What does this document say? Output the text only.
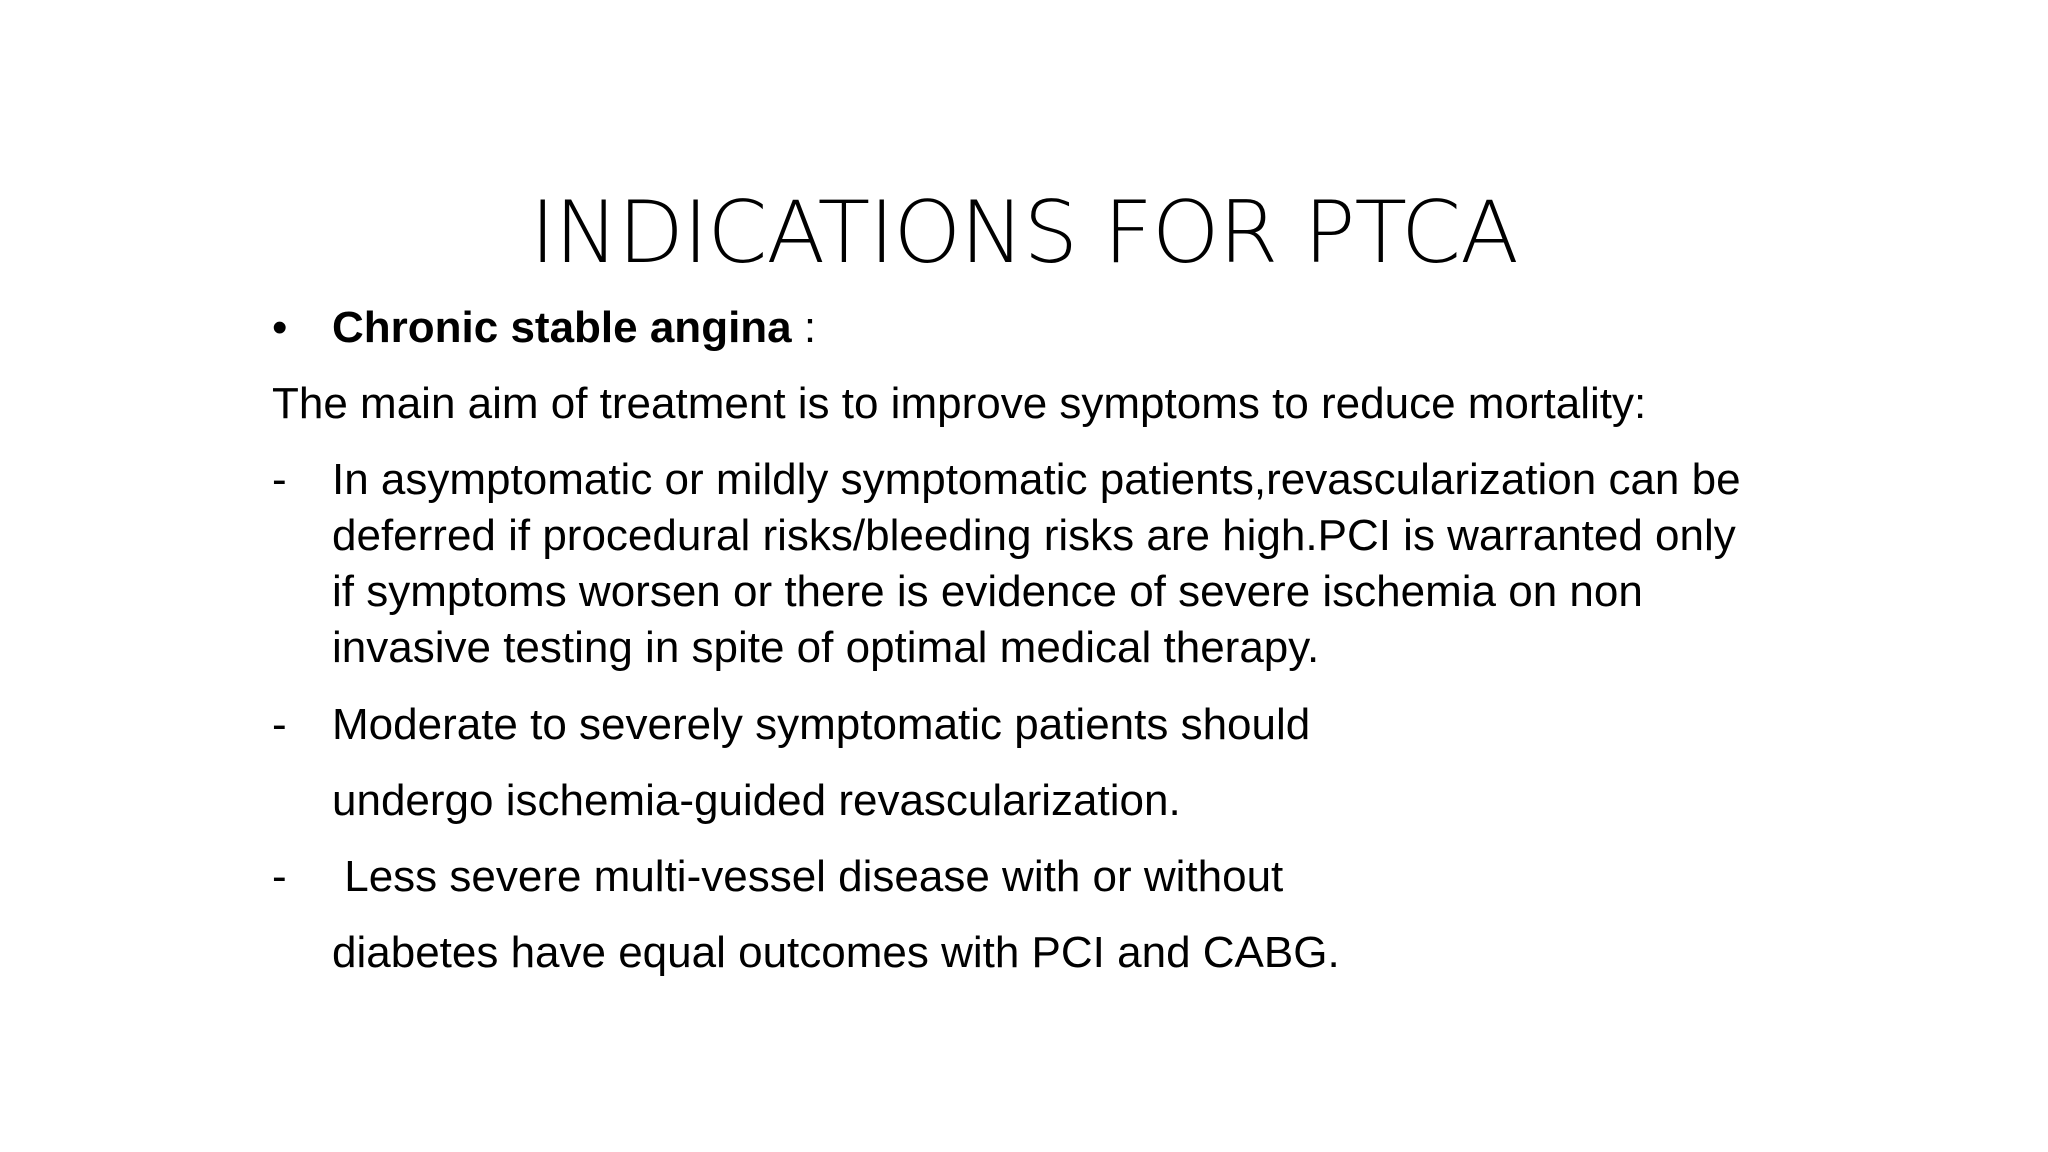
INDICATIONS FOR PTCA
• Chronic stable angina :
The main aim of treatment is to improve symptoms to reduce mortality:
- In asymptomatic or mildly symptomatic patients,revascularization can be
deferred if procedural risks/bleeding risks are high.PCI is warranted only
if symptoms worsen or there is evidence of severe ischemia on non
invasive testing in spite of optimal medical therapy.
- Moderate to severely symptomatic patients should
undergo ischemia-guided revascularization.
- Less severe multi-vessel disease with or without
diabetes have equal outcomes with PCI and CABG.
